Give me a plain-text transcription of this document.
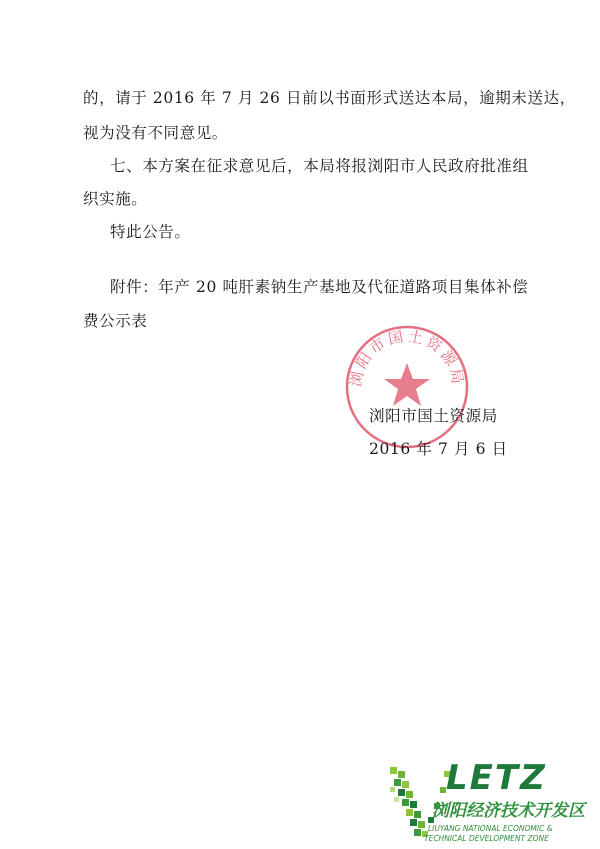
的，请于 2016 年 7 月 26 日前以书面形式送达本局，逾期未送达，
视为没有不同意见。
七、本方案在征求意见后，本局将报浏阳市人民政府批准组
织实施。
特此公告。
附件：年产 20 吨肝素钠生产基地及代征道路项目集体补偿
费公示表
浏阳市国土资源局
浏阳市国土资源局
2016 年 7 月 6 日
LETZ
浏阳经济技术开发区
LIUYANG NATIONAL ECONOMIC &
TECHNICAL DEVELOPMENT ZONE
